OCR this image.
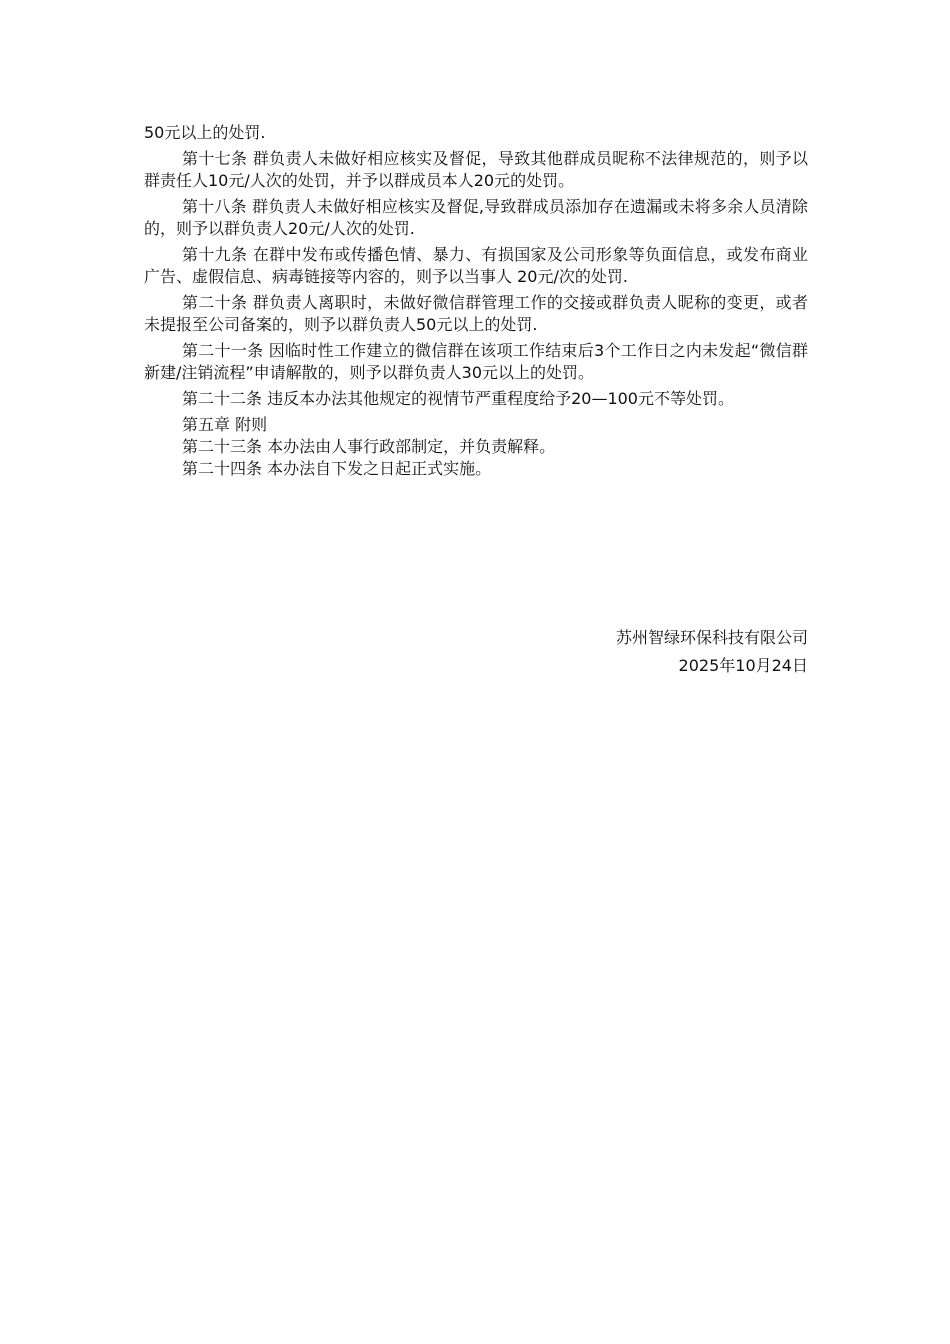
50元以上的处罚.

第十七条 群负责人未做好相应核实及督促，导致其他群成员昵称不法律规范的，则予以群责任人10元/人次的处罚，并予以群成员本人20元的处罚。

第十八条 群负责人未做好相应核实及督促,导致群成员添加存在遗漏或未将多余人员清除的，则予以群负责人20元/人次的处罚.

第十九条 在群中发布或传播色情、暴力、有损国家及公司形象等负面信息，或发布商业广告、虚假信息、病毒链接等内容的，则予以当事人 20元/次的处罚.

第二十条 群负责人离职时，未做好微信群管理工作的交接或群负责人昵称的变更，或者未提报至公司备案的，则予以群负责人50元以上的处罚.

第二十一条 因临时性工作建立的微信群在该项工作结束后3个工作日之内未发起“微信群新建/注销流程”申请解散的，则予以群负责人30元以上的处罚。

第二十二条 违反本办法其他规定的视情节严重程度给予20—100元不等处罚。

第五章 附则

第二十三条 本办法由人事行政部制定，并负责解释。

第二十四条 本办法自下发之日起正式实施。

苏州智绿环保科技有限公司
2025年10月24日
